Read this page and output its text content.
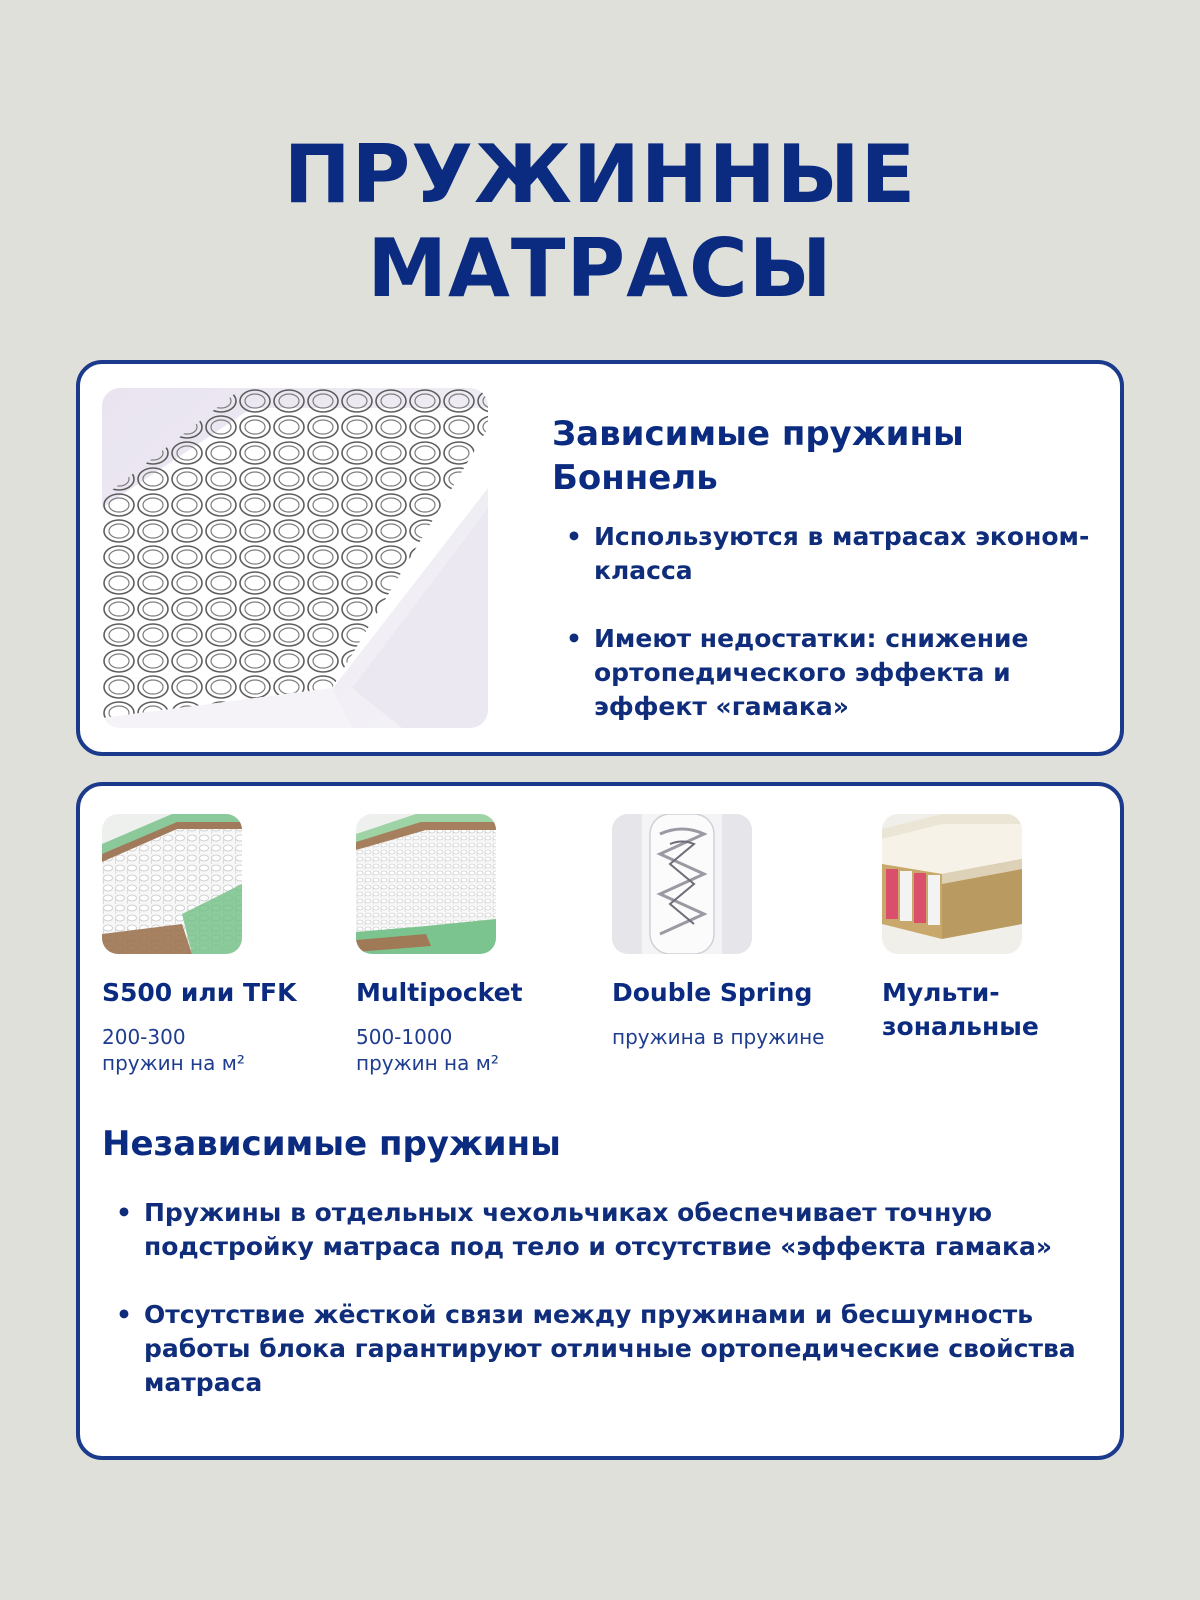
ПРУЖИННЫЕ
МАТРАСЫ
Зависимые пружины Боннель
• Используются в матрасах эконом-класса
• Имеют недостатки: снижение ортопедического эффекта и эффект «гамака»
S500 или TFK
200-300
пружин на м²
Multipocket
500-1000
пружин на м²
Double Spring
пружина в пружине
Мульти-зональные
Независимые пружины
• Пружины в отдельных чехольчиках обеспечивает точную подстройку матраса под тело и отсутствие «эффекта гамака»
• Отсутствие жёсткой связи между пружинами и бесшумность работы блока гарантируют отличные ортопедические свойства матраса
